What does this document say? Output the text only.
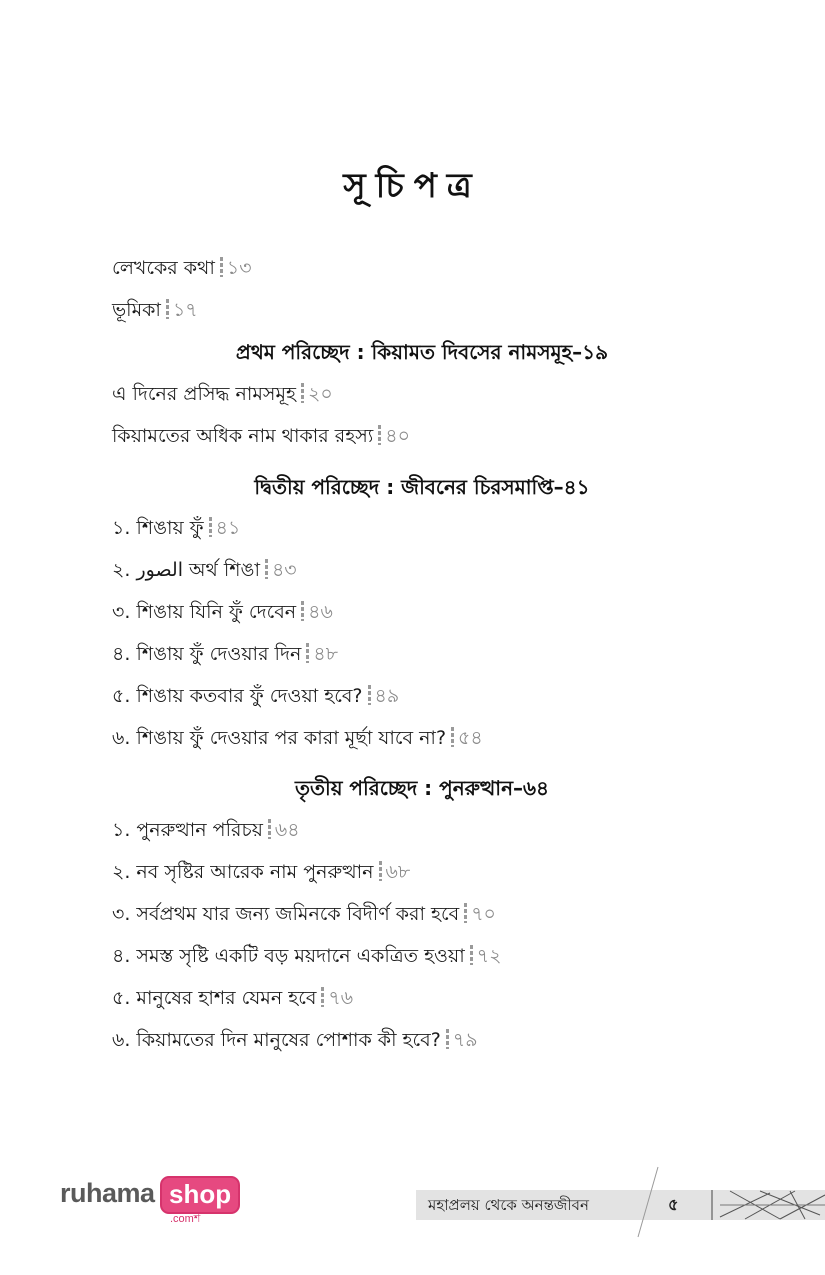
সূচিপত্র
লেখকের কথা ১৩
ভূমিকা ১৭
প্রথম পরিচ্ছেদ : কিয়ামত দিবসের নামসমূহ–১৯
এ দিনের প্রসিদ্ধ নামসমূহ ২০
কিয়ামতের অধিক নাম থাকার রহস্য ৪০
দ্বিতীয় পরিচ্ছেদ : জীবনের চিরসমাপ্তি–৪১
১. শিঙায় ফুঁ ৪১
২. الصور অর্থ শিঙা ৪৩
৩. শিঙায় যিনি ফুঁ দেবেন ৪৬
৪. শিঙায় ফুঁ দেওয়ার দিন ৪৮
৫. শিঙায় কতবার ফুঁ দেওয়া হবে? ৪৯
৬. শিঙায় ফুঁ দেওয়ার পর কারা মূর্ছা যাবে না? ৫৪
তৃতীয় পরিচ্ছেদ : পুনরুত্থান–৬৪
১. পুনরুত্থান পরিচয় ৬৪
২. নব সৃষ্টির আরেক নাম পুনরুত্থান ৬৮
৩. সর্বপ্রথম যার জন্য জমিনকে বিদীর্ণ করা হবে ৭০
৪. সমস্ত সৃষ্টি একটি বড় ময়দানে একত্রিত হওয়া ৭২
৫. মানুষের হাশর যেমন হবে ৭৬
৬. কিয়ামতের দিন মানুষের পোশাক কী হবে? ৭৯
ruhama shop
.comশ
মহাপ্রলয় থেকে অনন্তজীবন	৫
